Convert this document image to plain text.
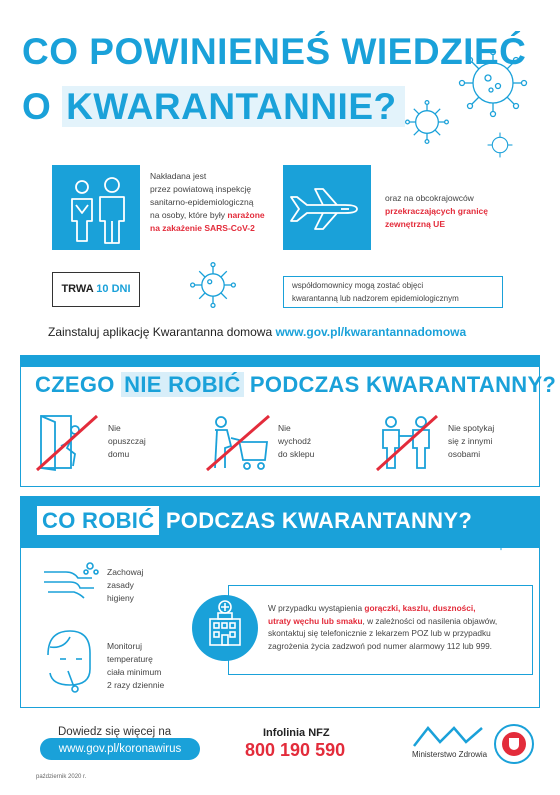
CO POWINIENEŚ WIEDZIEĆ
O KWARANTANNIE?
Nakładana jest
przez powiatową inspekcję
sanitarno-epidemiologiczną
na osoby, które były narażone
na zakażenie SARS-CoV-2
oraz na obcokrajowców
przekraczających granicę
zewnętrzną UE
TRWA 10 DNI	współdomownicy mogą zostać objęci
kwarantanną lub nadzorem epidemiologicznym
Zainstaluj aplikację Kwarantanna domowa www.gov.pl/kwarantannadomowa
CZEGO NIE ROBIĆ PODCZAS KWARANTANNY?
Nie
opuszczaj
domu
Nie
wychodź
do sklepu
Nie spotykaj
się z innymi
osobami
CO ROBIĆ PODCZAS KWARANTANNY?
Zachowaj
zasady
higieny
Monitoruj
temperaturę
ciała minimum
2 razy dziennie
W przypadku wystąpienia gorączki, kaszlu, duszności,
utraty węchu lub smaku, w zależności od nasilenia objawów,
skontaktuj się telefonicznie z lekarzem POZ lub w przypadku
zagrożenia życia zadzwoń pod numer alarmowy 112 lub 999.
Dowiedz się więcej na
www.gov.pl/koronawirus
Infolinia NFZ
800 190 590	Ministerstwo Zdrowia
październik 2020 r.
